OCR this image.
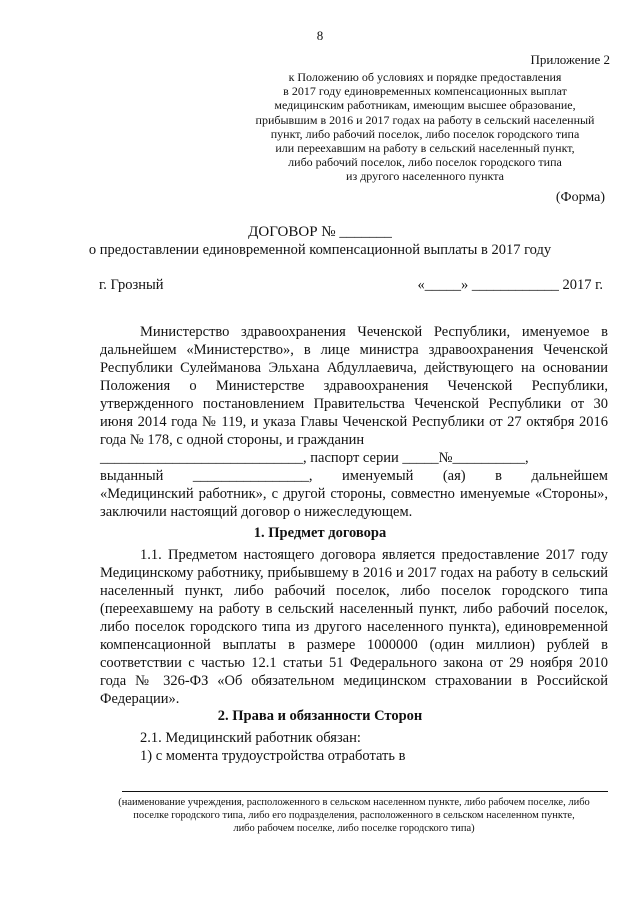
8
Приложение 2
к Положению об условиях и порядке предоставления
в 2017 году единовременных компенсационных выплат
медицинским работникам, имеющим высшее образование,
прибывшим в 2016 и 2017 годах на работу в сельский населенный
пункт, либо рабочий поселок, либо поселок городского типа
или переехавшим на работу в сельский населенный пункт,
либо рабочий поселок, либо поселок городского типа
из другого населенного пункта
(Форма)
ДОГОВОР № _______
о предоставлении единовременной компенсационной выплаты в 2017 году
г. Грозный	«_____» ____________ 2017 г.

Министерство здравоохранения Чеченской Республики, именуемое в дальнейшем «Министерство», в лице министра здравоохранения Чеченской Республики Сулейманова Эльхана Абдуллаевича, действующего на основании Положения о Министерстве здравоохранения Чеченской Республики, утвержденного постановлением Правительства Чеченской Республики от 30 июня 2014 года № 119, и указа Главы Чеченской Республики от 27 октября 2016 года № 178, с одной стороны, и гражданин

____________________________, паспорт серии _____№__________,

выданный ________________, именуемый (ая) в дальнейшем

«Медицинский работник», с другой стороны, совместно именуемые «Стороны», заключили настоящий договор о нижеследующем.

1. Предмет договора

1.1. Предметом настоящего договора является предоставление 2017 году Медицинскому работнику, прибывшему в 2016 и 2017 годах на работу в сельский населенный пункт, либо рабочий поселок, либо поселок городского типа (переехавшему на работу в сельский населенный пункт, либо рабочий поселок, либо поселок городского типа из другого населенного пункта), единовременной компенсационной выплаты в размере 1000000 (один миллион) рублей в соответствии с частью 12.1 статьи 51 Федерального закона от 29 ноября 2010 года № 326-ФЗ «Об обязательном медицинском страховании в Российской Федерации».

2. Права и обязанности Сторон

2.1. Медицинский работник обязан:

1) с момента трудоустройства отработать в

(наименование учреждения, расположенного в сельском населенном пункте, либо рабочем поселке, либо
поселке городского типа, либо его подразделения, расположенного в сельском населенном пункте,
либо рабочем поселке, либо поселке городского типа)
